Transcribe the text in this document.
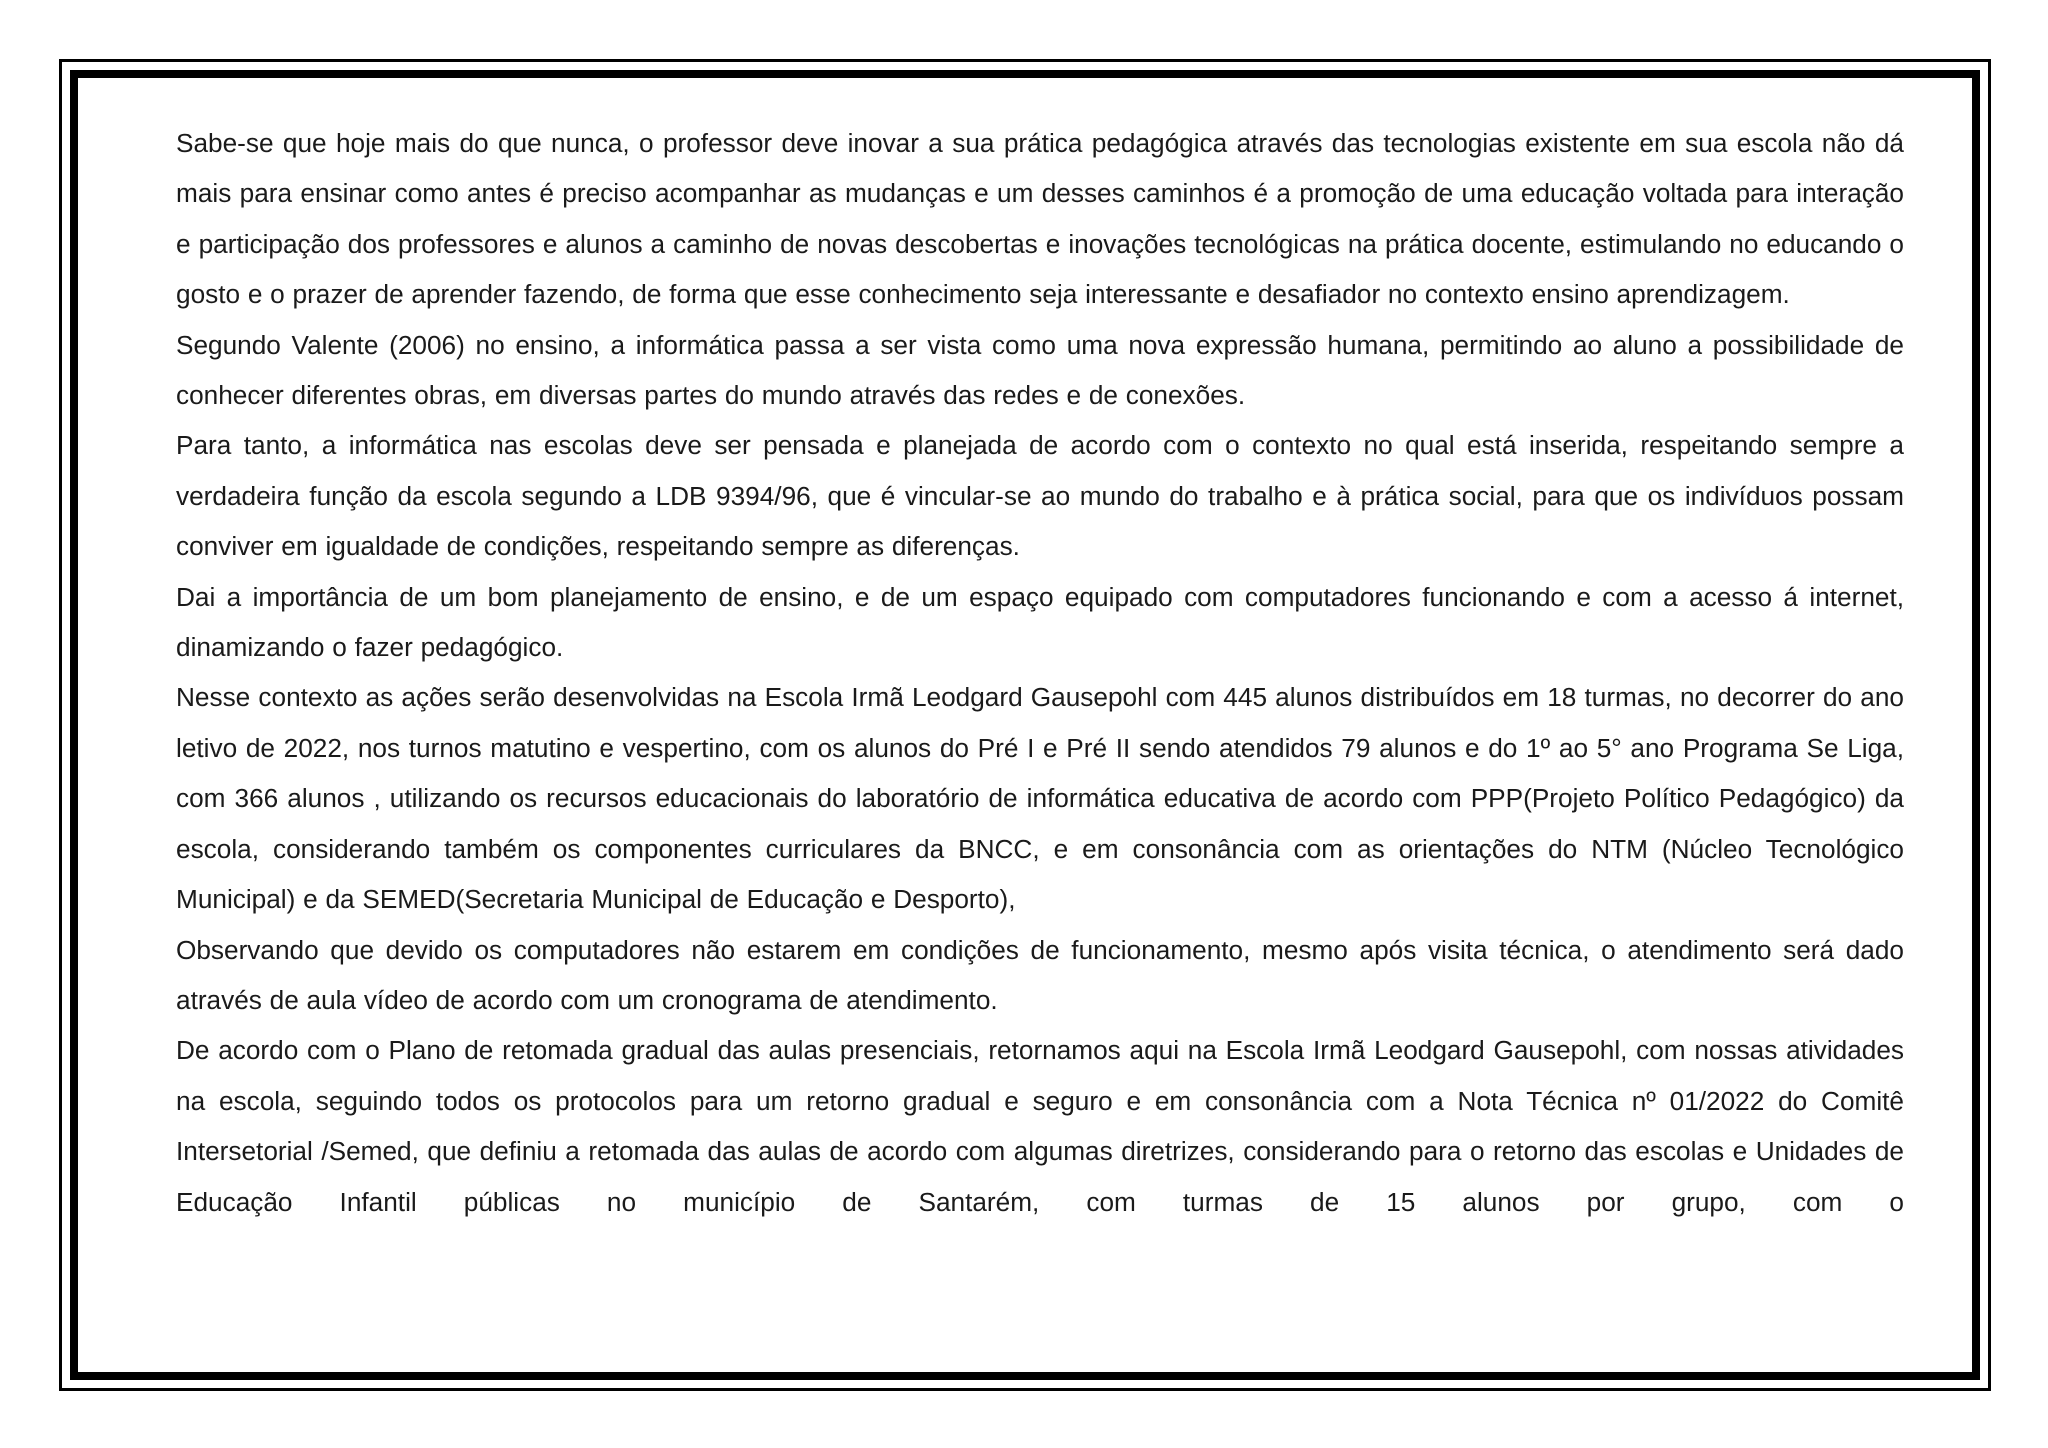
Sabe-se que hoje mais do que nunca, o professor deve inovar a sua prática pedagógica através das tecnologias existente em sua escola não dá mais para ensinar como antes é preciso acompanhar as mudanças e um desses caminhos é a promoção de uma educação voltada para interação e participação dos professores e alunos a caminho de novas descobertas e inovações tecnológicas na prática docente, estimulando no educando o gosto e o prazer de aprender fazendo, de forma que esse conhecimento seja interessante e desafiador no contexto ensino aprendizagem.

Segundo Valente (2006) no ensino, a informática passa a ser vista como uma nova expressão humana, permitindo ao aluno a possibilidade de conhecer diferentes obras, em diversas partes do mundo através das redes e de conexões.

Para tanto, a informática nas escolas deve ser pensada e planejada de acordo com o contexto no qual está inserida, respeitando sempre a verdadeira função da escola segundo a LDB 9394/96, que é vincular-se ao mundo do trabalho e à prática social, para que os indivíduos possam conviver em igualdade de condições, respeitando sempre as diferenças.

Dai a importância de um bom planejamento de ensino, e de um espaço equipado com computadores funcionando e com a acesso á internet, dinamizando o fazer pedagógico.

Nesse contexto as ações serão desenvolvidas na Escola Irmã Leodgard Gausepohl com 445 alunos distribuídos em 18 turmas, no decorrer do ano letivo de 2022, nos turnos matutino e vespertino, com os alunos do Pré I e Pré II sendo atendidos 79 alunos e do 1º ao 5° ano Programa Se Liga, com 366 alunos , utilizando os recursos educacionais do laboratório de informática educativa de acordo com PPP(Projeto Político Pedagógico) da escola, considerando também os componentes curriculares da BNCC, e em consonância com as orientações do NTM (Núcleo Tecnológico Municipal) e da SEMED(Secretaria Municipal de Educação e Desporto),

Observando que devido os computadores não estarem em condições de funcionamento, mesmo após visita técnica, o atendimento será dado através de aula vídeo de acordo com um cronograma de atendimento.

De acordo com o Plano de retomada gradual das aulas presenciais, retornamos aqui na Escola Irmã Leodgard Gausepohl, com nossas atividades na escola, seguindo todos os protocolos para um retorno gradual e seguro e em consonância com a Nota Técnica nº 01/2022 do Comitê Intersetorial /Semed, que definiu a retomada das aulas de acordo com algumas diretrizes, considerando para o retorno das escolas e Unidades de Educação Infantil públicas no município de Santarém, com turmas de 15 alunos por grupo, com o
